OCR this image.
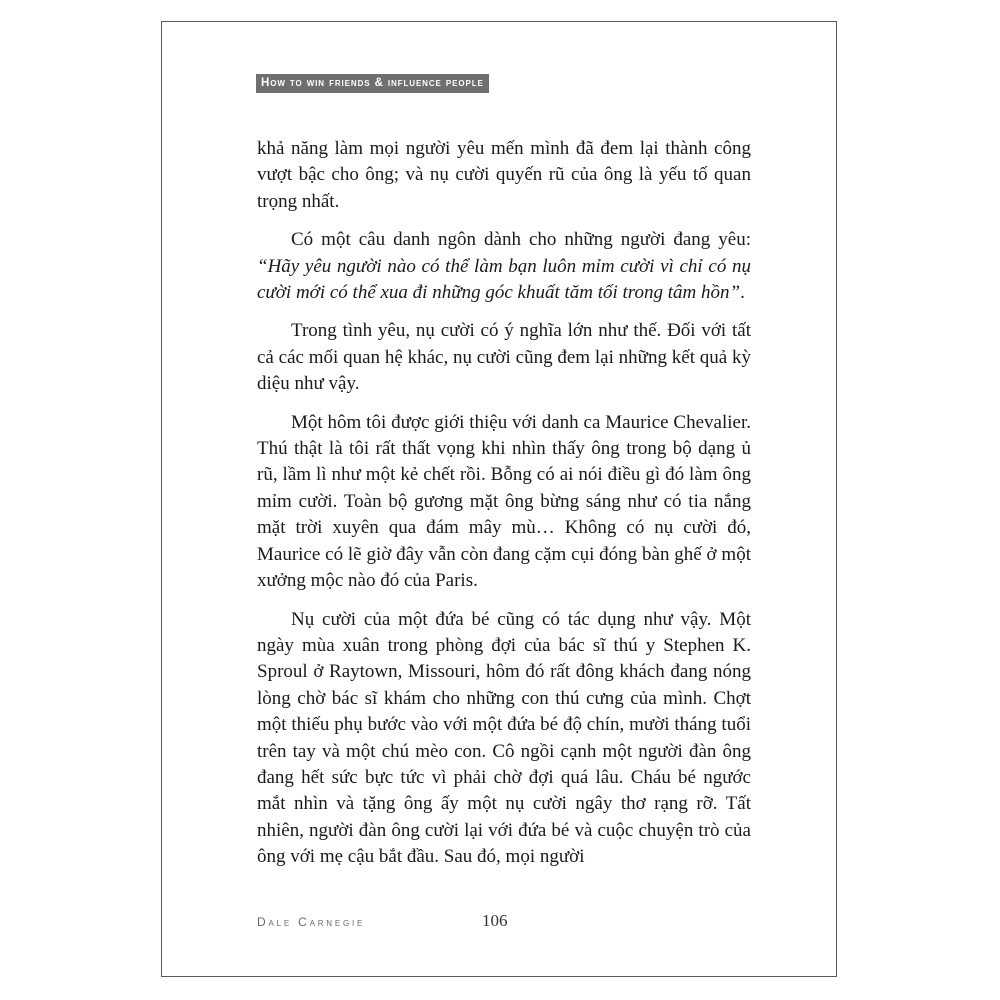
How to win friends & influence people

khả năng làm mọi người yêu mến mình đã đem lại thành công vượt bậc cho ông; và nụ cười quyến rũ của ông là yếu tố quan trọng nhất.

Có một câu danh ngôn dành cho những người đang yêu: “Hãy yêu người nào có thể làm bạn luôn mỉm cười vì chỉ có nụ cười mới có thể xua đi những góc khuất tăm tối trong tâm hồn”.

Trong tình yêu, nụ cười có ý nghĩa lớn như thế. Đối với tất cả các mối quan hệ khác, nụ cười cũng đem lại những kết quả kỳ diệu như vậy.

Một hôm tôi được giới thiệu với danh ca Maurice Chevalier. Thú thật là tôi rất thất vọng khi nhìn thấy ông trong bộ dạng ủ rũ, lầm lì như một kẻ chết rồi. Bỗng có ai nói điều gì đó làm ông mỉm cười. Toàn bộ gương mặt ông bừng sáng như có tia nắng mặt trời xuyên qua đám mây mù… Không có nụ cười đó, Maurice có lẽ giờ đây vẫn còn đang cặm cụi đóng bàn ghế ở một xưởng mộc nào đó của Paris.

Nụ cười của một đứa bé cũng có tác dụng như vậy. Một ngày mùa xuân trong phòng đợi của bác sĩ thú y Stephen K. Sproul ở Raytown, Missouri, hôm đó rất đông khách đang nóng lòng chờ bác sĩ khám cho những con thú cưng của mình. Chợt một thiếu phụ bước vào với một đứa bé độ chín, mười tháng tuổi trên tay và một chú mèo con. Cô ngồi cạnh một người đàn ông đang hết sức bực tức vì phải chờ đợi quá lâu. Cháu bé ngước mắt nhìn và tặng ông ấy một nụ cười ngây thơ rạng rỡ. Tất nhiên, người đàn ông cười lại với đứa bé và cuộc chuyện trò của ông với mẹ cậu bắt đầu. Sau đó, mọi người

Dale Carnegie	106
